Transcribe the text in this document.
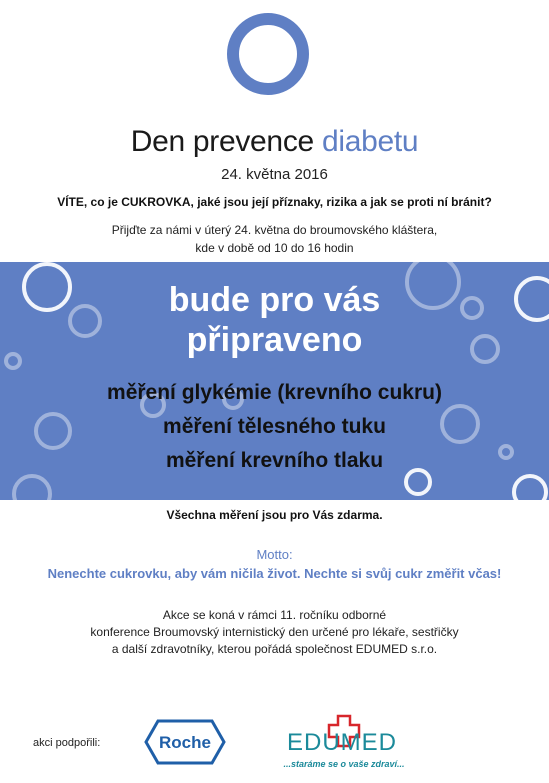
Den prevence diabetu
24. května 2016
VÍTE, co je CUKROVKA, jaké jsou její příznaky, rizika a jak se proti ní bránit?
Přijďte za námi v úterý 24. května do broumovského kláštera,
kde v době od 10 do 16 hodin
bude pro vás
připraveno
měření glykémie (krevního cukru)
měření tělesného tuku
měření krevního tlaku
Všechna měření jsou pro Vás zdarma.
Motto:
Nenechte cukrovku, aby vám ničila život. Nechte si svůj cukr změřit včas!
Akce se koná v rámci 11. ročníku odborné
konference Broumovský internistický den určené pro lékaře, sestřičky
a další zdravotníky, kterou pořádá společnost EDUMED s.r.o.
akci podpořili:	Roche	EDUMED
...staráme se o vaše zdraví...
